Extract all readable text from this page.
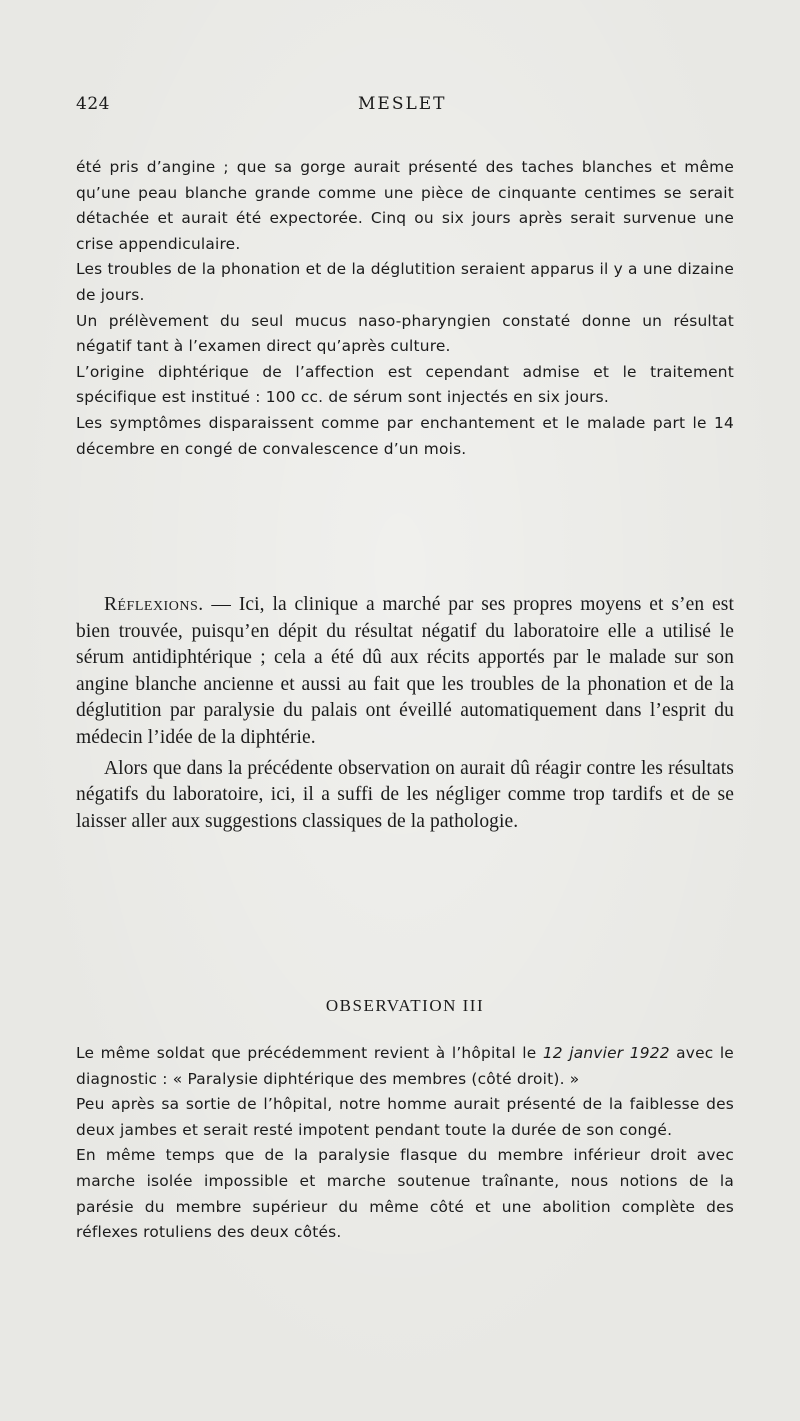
424	MESLET

été pris d’angine ; que sa gorge aurait présenté des taches blanches et même qu’une peau blanche grande comme une pièce de cinquante centimes se serait détachée et aurait été expectorée. Cinq ou six jours après serait survenue une crise appendiculaire.

Les troubles de la phonation et de la déglutition seraient apparus il y a une dizaine de jours.

Un prélèvement du seul mucus naso-pharyngien constaté donne un résultat négatif tant à l’examen direct qu’après culture.

L’origine diphtérique de l’affection est cependant admise et le traitement spécifique est institué : 100 cc. de sérum sont injectés en six jours.

Les symptômes disparaissent comme par enchantement et le malade part le 14 décembre en congé de convalescence d’un mois.

Réflexions. — Ici, la clinique a marché par ses propres moyens et s’en est bien trouvée, puisqu’en dépit du résultat négatif du laboratoire elle a utilisé le sérum antidiphtérique ; cela a été dû aux récits apportés par le malade sur son angine blanche ancienne et aussi au fait que les troubles de la phonation et de la déglutition par paralysie du palais ont éveillé automatiquement dans l’esprit du médecin l’idée de la diphtérie.

Alors que dans la précédente observation on aurait dû réagir contre les résultats négatifs du laboratoire, ici, il a suffi de les négliger comme trop tardifs et de se laisser aller aux suggestions classiques de la pathologie.

OBSERVATION III

Le même soldat que précédemment revient à l’hôpital le 12 janvier 1922 avec le diagnostic : « Paralysie diphtérique des membres (côté droit). »

Peu après sa sortie de l’hôpital, notre homme aurait présenté de la faiblesse des deux jambes et serait resté impotent pendant toute la durée de son congé.

En même temps que de la paralysie flasque du membre inférieur droit avec marche isolée impossible et marche soutenue traînante, nous notions de la parésie du membre supérieur du même côté et une abolition complète des réflexes rotuliens des deux côtés.
